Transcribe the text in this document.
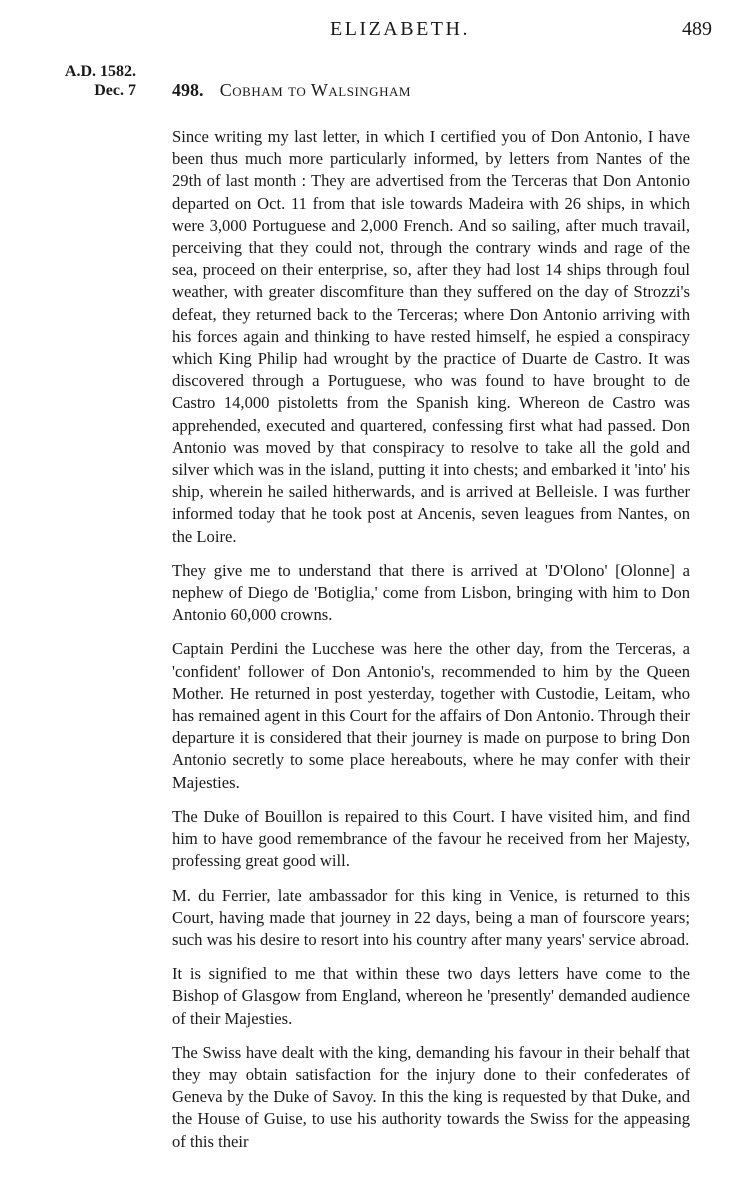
ELIZABETH.	489
A.D. 1582.
Dec. 7 498. Cobham to Walsingham

Since writing my last letter, in which I certified you of Don Antonio, I have been thus much more particularly informed, by letters from Nantes of the 29th of last month : They are advertised from the Terceras that Don Antonio departed on Oct. 11 from that isle towards Madeira with 26 ships, in which were 3,000 Portuguese and 2,000 French. And so sailing, after much travail, perceiving that they could not, through the contrary winds and rage of the sea, proceed on their enterprise, so, after they had lost 14 ships through foul weather, with greater discomfiture than they suffered on the day of Strozzi's defeat, they returned back to the Terceras; where Don Antonio arriving with his forces again and thinking to have rested himself, he espied a conspiracy which King Philip had wrought by the practice of Duarte de Castro. It was discovered through a Portuguese, who was found to have brought to de Castro 14,000 pistoletts from the Spanish king. Whereon de Castro was apprehended, executed and quartered, confessing first what had passed. Don Antonio was moved by that conspiracy to resolve to take all the gold and silver which was in the island, putting it into chests; and embarked it 'into' his ship, wherein he sailed hitherwards, and is arrived at Belleisle. I was further informed today that he took post at Ancenis, seven leagues from Nantes, on the Loire.

They give me to understand that there is arrived at 'D'Olono' [Olonne] a nephew of Diego de 'Botiglia,' come from Lisbon, bringing with him to Don Antonio 60,000 crowns.

Captain Perdini the Lucchese was here the other day, from the Terceras, a 'confident' follower of Don Antonio's, recommended to him by the Queen Mother. He returned in post yesterday, together with Custodie, Leitam, who has remained agent in this Court for the affairs of Don Antonio. Through their departure it is considered that their journey is made on purpose to bring Don Antonio secretly to some place hereabouts, where he may confer with their Majesties.

The Duke of Bouillon is repaired to this Court. I have visited him, and find him to have good remembrance of the favour he received from her Majesty, professing great good will.

M. du Ferrier, late ambassador for this king in Venice, is returned to this Court, having made that journey in 22 days, being a man of fourscore years; such was his desire to resort into his country after many years' service abroad.

It is signified to me that within these two days letters have come to the Bishop of Glasgow from England, whereon he 'presently' demanded audience of their Majesties.

The Swiss have dealt with the king, demanding his favour in their behalf that they may obtain satisfaction for the injury done to their confederates of Geneva by the Duke of Savoy. In this the king is requested by that Duke, and the House of Guise, to use his authority towards the Swiss for the appeasing of this their
